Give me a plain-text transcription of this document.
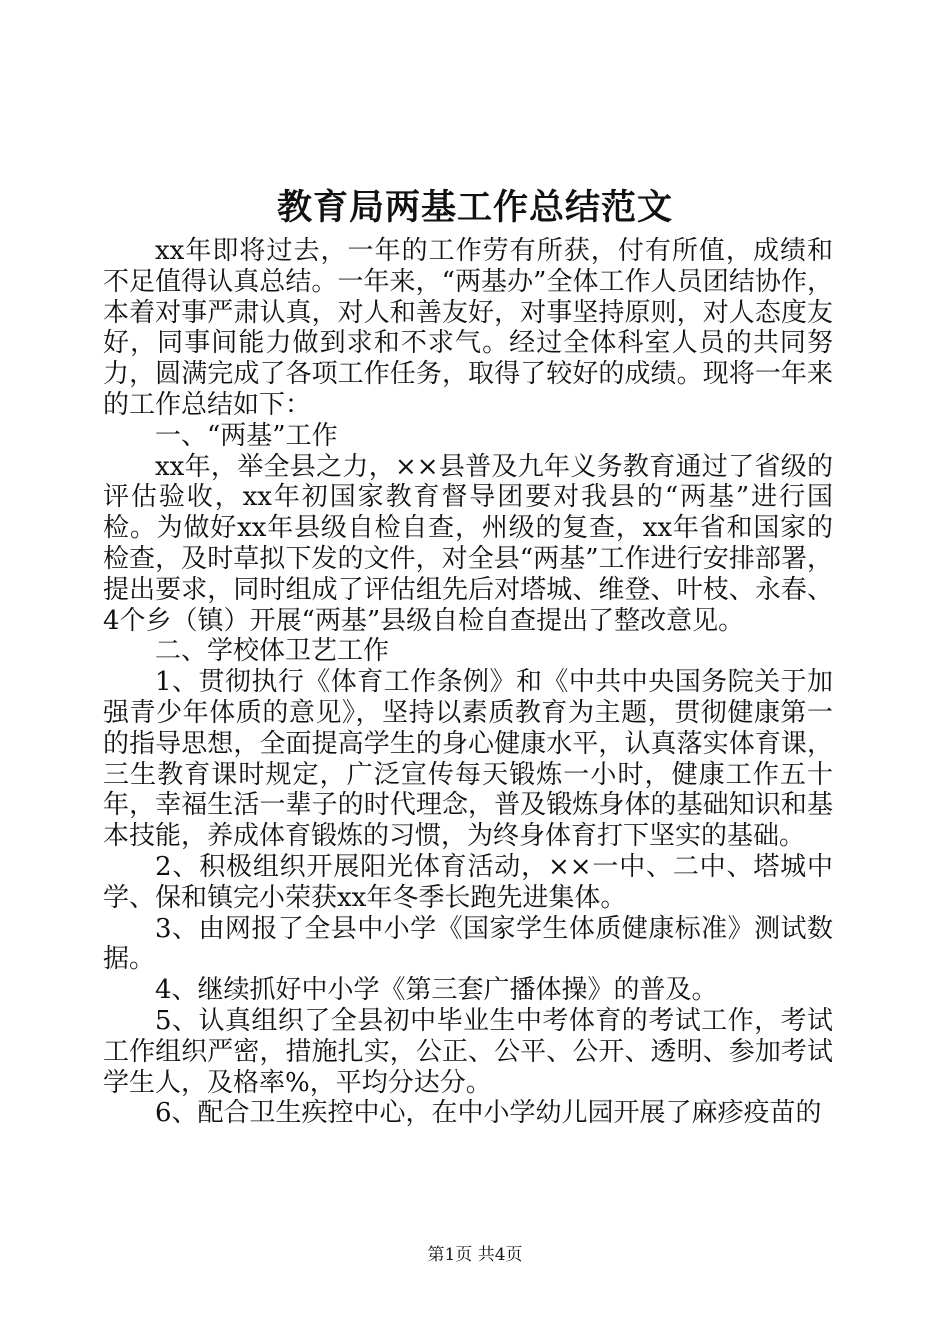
教育局两基工作总结范文

xx年即将过去，一年的工作劳有所获，付有所值，成绩和不足值得认真总结。一年来，“两基办”全体工作人员团结协作，本着对事严肃认真，对人和善友好，对事坚持原则，对人态度友好，同事间能力做到求和不求气。经过全体科室人员的共同努力，圆满完成了各项工作任务，取得了较好的成绩。现将一年来的工作总结如下：

一、“两基”工作

xx年，举全县之力，××县普及九年义务教育通过了省级的评估验收，xx年初国家教育督导团要对我县的“两基”进行国检。为做好xx年县级自检自查，州级的复查，xx年省和国家的检查，及时草拟下发的文件，对全县“两基”工作进行安排部署，提出要求，同时组成了评估组先后对塔城、维登、叶枝、永春、4个乡（镇）开展“两基”县级自检自查提出了整改意见。

二、学校体卫艺工作

1、贯彻执行《体育工作条例》和《中共中央国务院关于加强青少年体质的意见》，坚持以素质教育为主题，贯彻健康第一的指导思想，全面提高学生的身心健康水平，认真落实体育课，三生教育课时规定，广泛宣传每天锻炼一小时，健康工作五十年，幸福生活一辈子的时代理念，普及锻炼身体的基础知识和基本技能，养成体育锻炼的习惯，为终身体育打下坚实的基础。

2、积极组织开展阳光体育活动，××一中、二中、塔城中学、保和镇完小荣获xx年冬季长跑先进集体。

3、由网报了全县中小学《国家学生体质健康标准》测试数据。

4、继续抓好中小学《第三套广播体操》的普及。

5、认真组织了全县初中毕业生中考体育的考试工作，考试工作组织严密，措施扎实，公正、公平、公开、透明、参加考试学生人，及格率%，平均分达分。

6、配合卫生疾控中心，在中小学幼儿园开展了麻疹疫苗的

第1页 共4页
